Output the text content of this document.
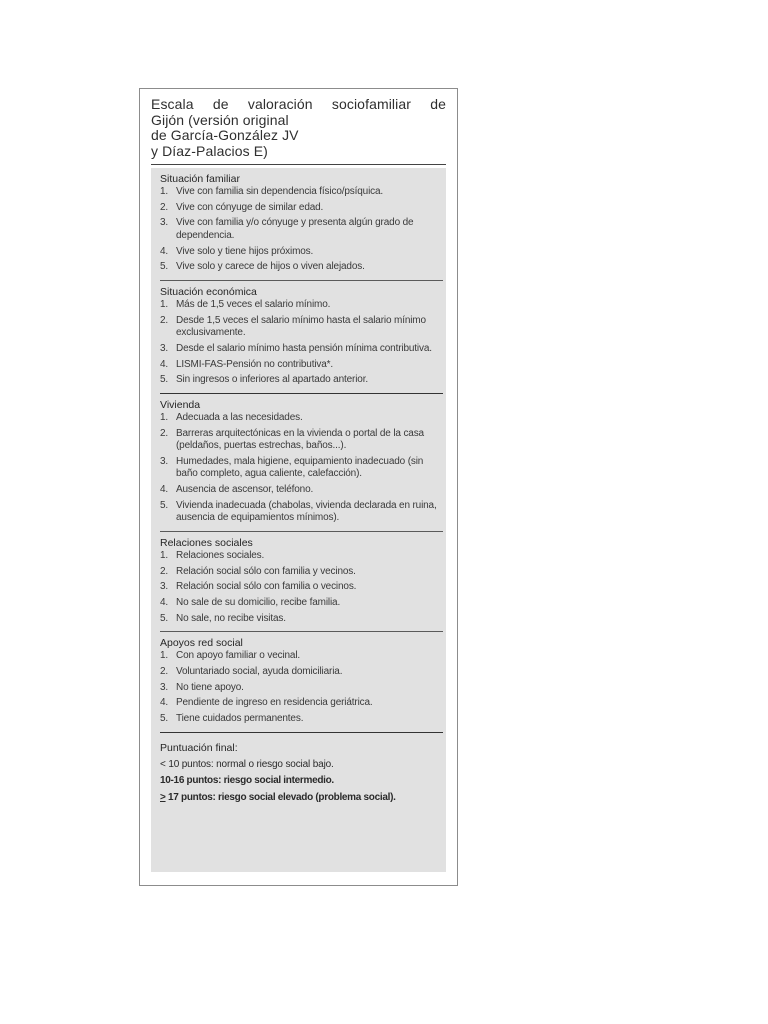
Escala de valoración sociofamiliar de
Gijón (versión original
de García-González JV
y Díaz-Palacios E)
Situación familiar
1. Vive con familia sin dependencia físico/psíquica.
2. Vive con cónyuge de similar edad.
3. Vive con familia y/o cónyuge y presenta algún grado de dependencia.
4. Vive solo y tiene hijos próximos.
5. Vive solo y carece de hijos o viven alejados.
Situación económica
1. Más de 1,5 veces el salario mínimo.
2. Desde 1,5 veces el salario mínimo hasta el salario mínimo exclusivamente.
3. Desde el salario mínimo hasta pensión mínima contributiva.
4. LISMI-FAS-Pensión no contributiva*.
5. Sin ingresos o inferiores al apartado anterior.
Vivienda
1. Adecuada a las necesidades.
2. Barreras arquitectónicas en la vivienda o portal de la casa (peldaños, puertas estrechas, baños...).
3. Humedades, mala higiene, equipamiento inadecuado (sin baño completo, agua caliente, calefacción).
4. Ausencia de ascensor, teléfono.
5. Vivienda inadecuada (chabolas, vivienda declarada en ruina, ausencia de equipamientos mínimos).
Relaciones sociales
1. Relaciones sociales.
2. Relación social sólo con familia y vecinos.
3. Relación social sólo con familia o vecinos.
4. No sale de su domicilio, recibe familia.
5. No sale, no recibe visitas.
Apoyos red social
1. Con apoyo familiar o vecinal.
2. Voluntariado social, ayuda domiciliaria.
3. No tiene apoyo.
4. Pendiente de ingreso en residencia geriátrica.
5. Tiene cuidados permanentes.
Puntuación final:
< 10 puntos: normal o riesgo social bajo.
10-16 puntos: riesgo social intermedio.
≥ 17 puntos: riesgo social elevado (problema social).
